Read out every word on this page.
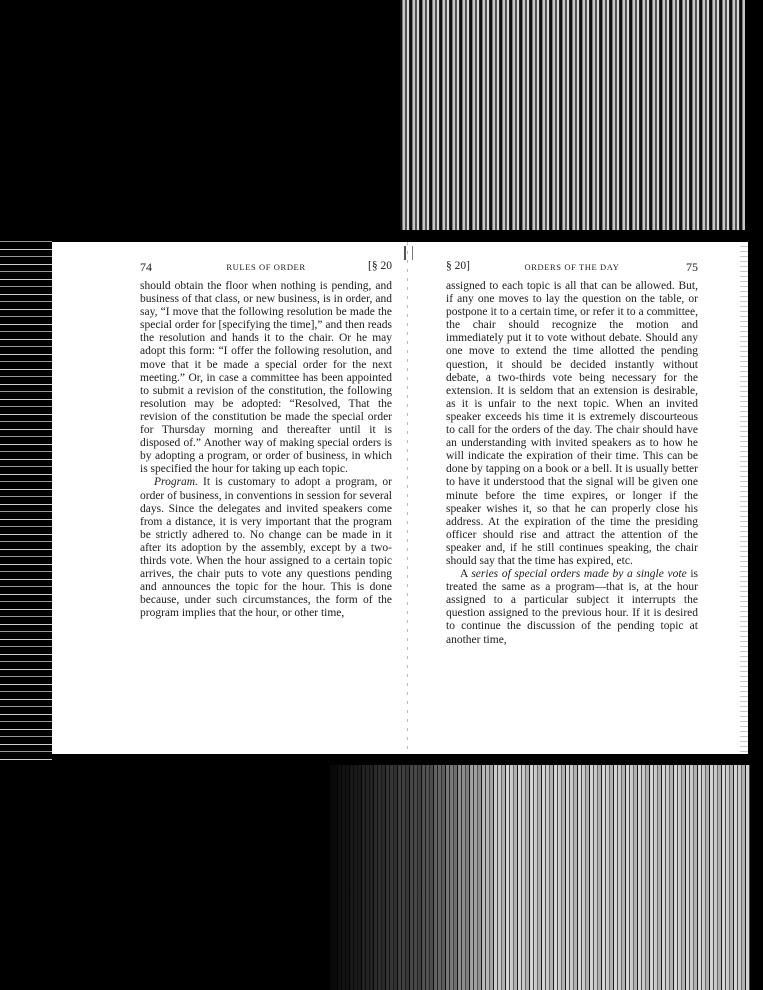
74	RULES OF ORDER	[§ 20

should obtain the floor when nothing is pending, and business of that class, or new business, is in order, and say, “I move that the following resolution be made the special order for [specifying the time],” and then reads the resolution and hands it to the chair. Or he may adopt this form: “I offer the following resolution, and move that it be made a special order for the next meeting.” Or, in case a committee has been appointed to submit a revision of the constitution, the following resolution may be adopted: “Resolved, That the revision of the constitution be made the special order for Thursday morning and thereafter until it is disposed of.” Another way of making special orders is by adopting a program, or order of business, in which is specified the hour for taking up each topic.

Program. It is customary to adopt a program, or order of business, in conventions in session for several days. Since the delegates and invited speakers come from a distance, it is very important that the program be strictly adhered to. No change can be made in it after its adoption by the assembly, except by a two-thirds vote. When the hour assigned to a certain topic arrives, the chair puts to vote any questions pending and announces the topic for the hour. This is done because, under such circumstances, the form of the program implies that the hour, or other time,

§ 20]	ORDERS OF THE DAY	75

assigned to each topic is all that can be allowed. But, if any one moves to lay the question on the table, or postpone it to a certain time, or refer it to a committee, the chair should recognize the motion and immediately put it to vote without debate. Should any one move to extend the time allotted the pending question, it should be decided instantly without debate, a two-thirds vote being necessary for the extension. It is seldom that an extension is desirable, as it is unfair to the next topic. When an invited speaker exceeds his time it is extremely discourteous to call for the orders of the day. The chair should have an understanding with invited speakers as to how he will indicate the expiration of their time. This can be done by tapping on a book or a bell. It is usually better to have it understood that the signal will be given one minute before the time expires, or longer if the speaker wishes it, so that he can properly close his address. At the expiration of the time the presiding officer should rise and attract the attention of the speaker and, if he still continues speaking, the chair should say that the time has expired, etc.

A series of special orders made by a single vote is treated the same as a program—that is, at the hour assigned to a particular subject it interrupts the question assigned to the previous hour. If it is desired to continue the discussion of the pending topic at another time,
